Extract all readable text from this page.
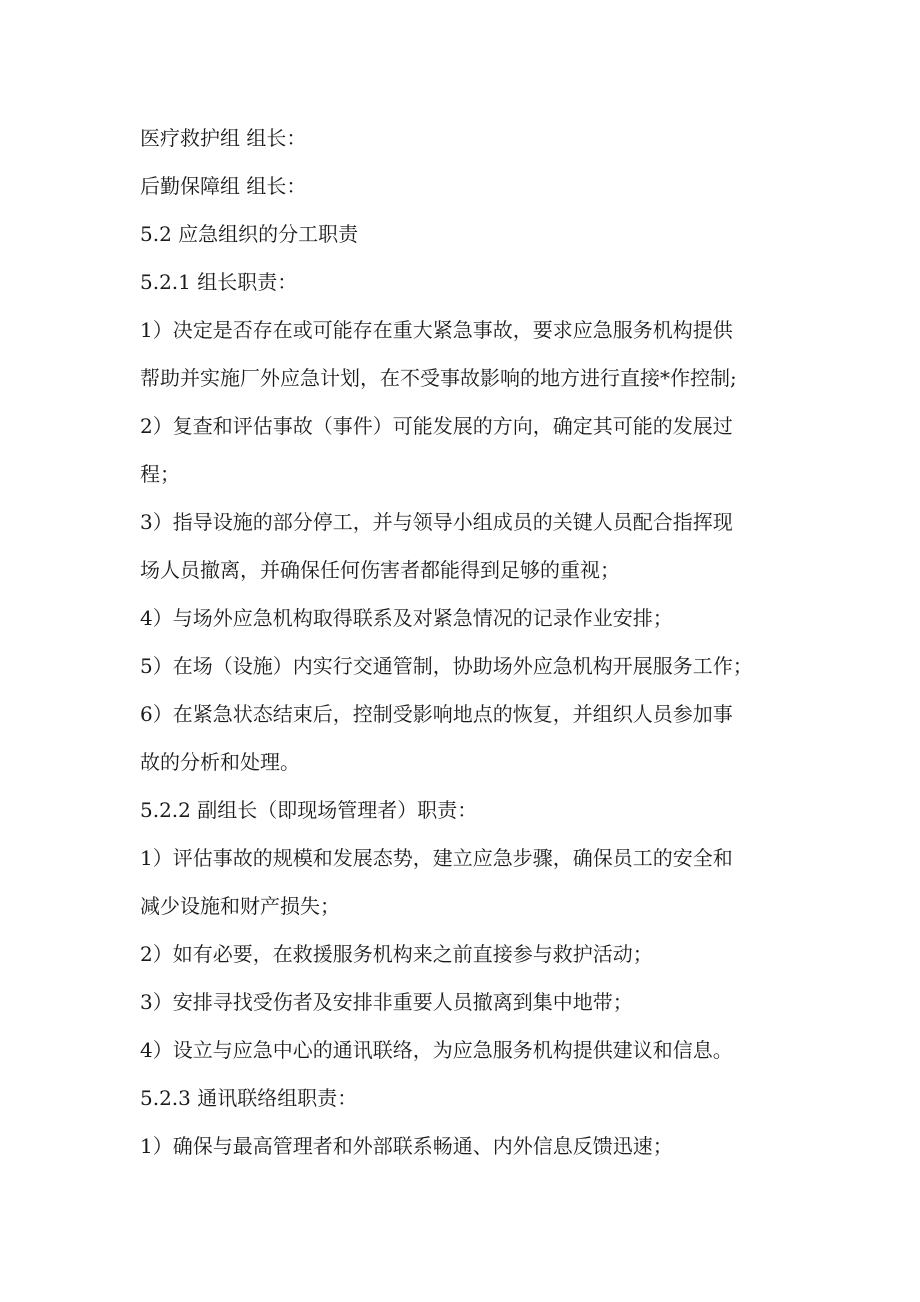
医疗救护组 组长：
后勤保障组 组长：
5.2 应急组织的分工职责
5.2.1 组长职责：
1）决定是否存在或可能存在重大紧急事故，要求应急服务机构提供
帮助并实施厂外应急计划，在不受事故影响的地方进行直接*作控制;
2）复查和评估事故（事件）可能发展的方向，确定其可能的发展过
程；
3）指导设施的部分停工，并与领导小组成员的关键人员配合指挥现
场人员撤离，并确保任何伤害者都能得到足够的重视；
4）与场外应急机构取得联系及对紧急情况的记录作业安排；
5）在场（设施）内实行交通管制，协助场外应急机构开展服务工作；
6）在紧急状态结束后，控制受影响地点的恢复，并组织人员参加事
故的分析和处理。
5.2.2 副组长（即现场管理者）职责：
1）评估事故的规模和发展态势，建立应急步骤，确保员工的安全和
减少设施和财产损失；
2）如有必要，在救援服务机构来之前直接参与救护活动；
3）安排寻找受伤者及安排非重要人员撤离到集中地带；
4）设立与应急中心的通讯联络，为应急服务机构提供建议和信息。
5.2.3 通讯联络组职责：
1）确保与最高管理者和外部联系畅通、内外信息反馈迅速；
